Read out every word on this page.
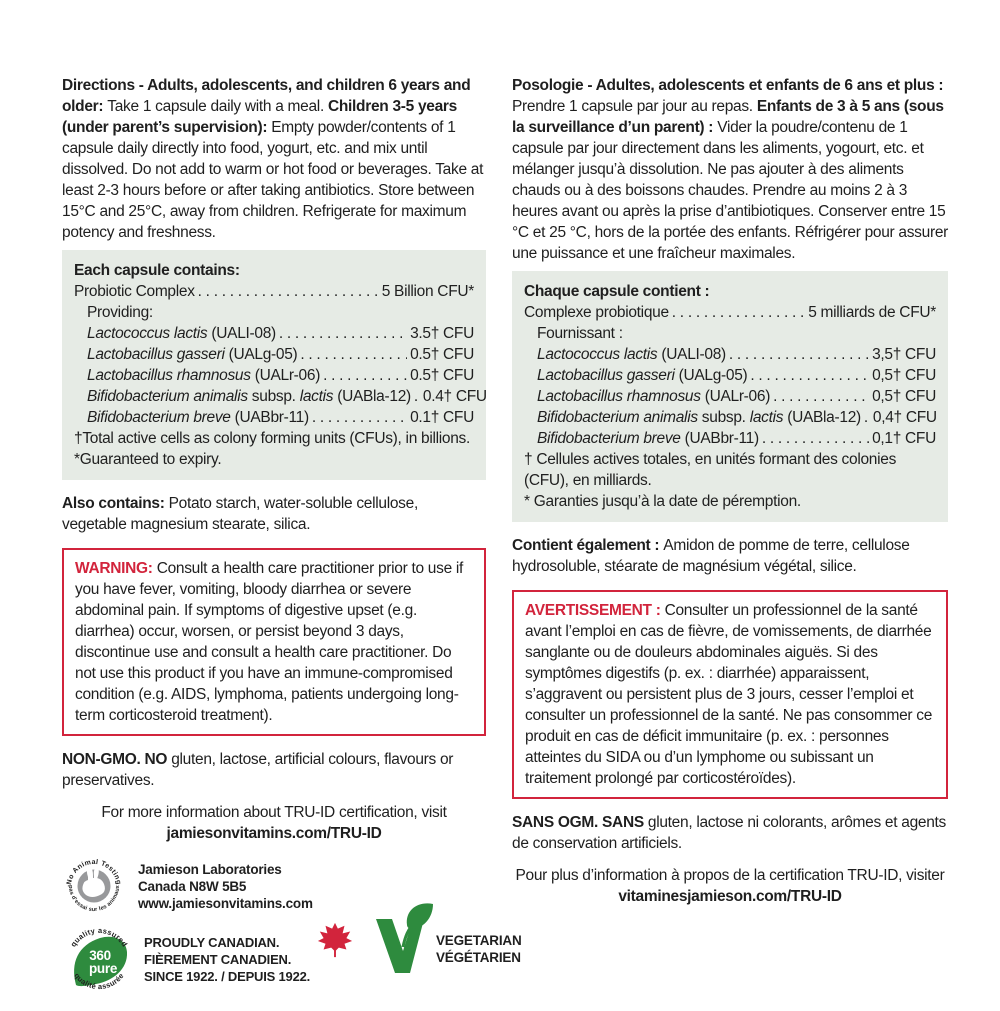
Directions - Adults, adolescents, and children 6 years and older: Take 1 capsule daily with a meal. Children 3-5 years (under parent’s supervision): Empty powder/contents of 1 capsule daily directly into food, yogurt, etc. and mix until dissolved. Do not add to warm or hot food or beverages. Take at least 2-3 hours before or after taking antibiotics. Store between 15°C and 25°C, away from children. Refrigerate for maximum potency and freshness.

Each capsule contains:
Probiotic Complex . . .	5 Billion CFU*
Providing:
Lactococcus lactis (UALI-08) . . .	3.5† CFU
Lactobacillus gasseri (UALg-05) . . .	0.5† CFU
Lactobacillus rhamnosus (UALr-06) . . .	0.5† CFU
Bifidobacterium animalis subsp. lactis (UABla-12) . . . 0.4† CFU
Bifidobacterium breve (UABbr-11) . . .	0.1† CFU
†Total active cells as colony forming units (CFUs), in billions.
*Guaranteed to expiry.

Also contains: Potato starch, water-soluble cellulose, vegetable magnesium stearate, silica.

WARNING: Consult a health care practitioner prior to use if you have fever, vomiting, bloody diarrhea or severe abdominal pain. If symptoms of digestive upset (e.g. diarrhea) occur, worsen, or persist beyond 3 days, discontinue use and consult a health care practitioner. Do not use this product if you have an immune-compromised condition (e.g. AIDS, lymphoma, patients undergoing long-term corticosteroid treatment).

NON-GMO. NO gluten, lactose, artificial colours, flavours or preservatives.

For more information about TRU-ID certification, visit
jamiesonvitamins.com/TRU-ID
No Animal Testing
pas d’essai sur les animaux
Jamieson Laboratories
Canada N8W 5B5
www.jamiesonvitamins.com
360
pure
quality assured
qualité assurée
PROUDLY CANADIAN.
FIÈREMENT CANADIEN.
SINCE 1922. / DEPUIS 1922.
VEGETARIAN
VÉGÉTARIEN

Posologie - Adultes, adolescents et enfants de 6 ans et plus : Prendre 1 capsule par jour au repas. Enfants de 3 à 5 ans (sous la surveillance d’un parent) : Vider la poudre/contenu de 1 capsule par jour directement dans les aliments, yogourt, etc. et mélanger jusqu’à dissolution. Ne pas ajouter à des aliments chauds ou à des boissons chaudes. Prendre au moins 2 à 3 heures avant ou après la prise d’antibiotiques. Conserver entre 15 °C et 25 °C, hors de la portée des enfants. Réfrigérer pour assurer une puissance et une fraîcheur maximales.

Chaque capsule contient :
Complexe probiotique . . .	5 milliards de CFU*
Fournissant :
Lactococcus lactis (UALI-08) . . .	3,5† CFU
Lactobacillus gasseri (UALg-05) . . .	0,5† CFU
Lactobacillus rhamnosus (UALr-06) . . .	0,5† CFU
Bifidobacterium animalis subsp. lactis (UABla-12) . . . 0,4† CFU
Bifidobacterium breve (UABbr-11) . . .	0,1† CFU
† Cellules actives totales, en unités formant des colonies (CFU), en milliards.
* Garanties jusqu’à la date de péremption.

Contient également : Amidon de pomme de terre, cellulose hydrosoluble, stéarate de magnésium végétal, silice.

AVERTISSEMENT : Consulter un professionnel de la santé avant l’emploi en cas de fièvre, de vomissements, de diarrhée sanglante ou de douleurs abdominales aiguës. Si des symptômes digestifs (p. ex. : diarrhée) apparaissent, s’aggravent ou persistent plus de 3 jours, cesser l’emploi et consulter un professionnel de la santé. Ne pas consommer ce produit en cas de déficit immunitaire (p. ex. : personnes atteintes du SIDA ou d’un lymphome ou subissant un traitement prolongé par corticostéroïdes).

SANS OGM. SANS gluten, lactose ni colorants, arômes et agents de conservation artificiels.

Pour plus d’information à propos de la certification TRU-ID, visiter
vitaminesjamieson.com/TRU-ID
